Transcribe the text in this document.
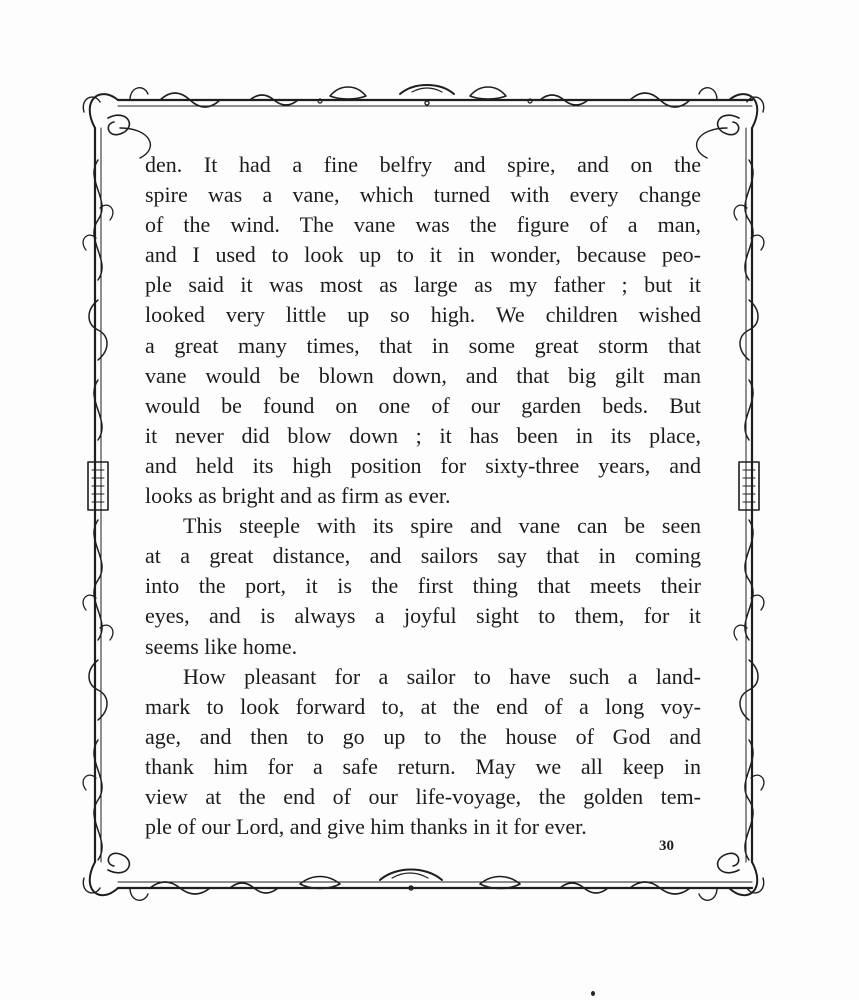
den. It had a fine belfry and spire, and on the
spire was a vane, which turned with every change
of the wind. The vane was the figure of a man,
and I used to look up to it in wonder, because peo-
ple said it was most as large as my father ; but it
looked very little up so high. We children wished
a great many times, that in some great storm that
vane would be blown down, and that big gilt man
would be found on one of our garden beds. But
it never did blow down ; it has been in its place,
and held its high position for sixty-three years, and
looks as bright and as firm as ever.
This steeple with its spire and vane can be seen
at a great distance, and sailors say that in coming
into the port, it is the first thing that meets their
eyes, and is always a joyful sight to them, for it
seems like home.
How pleasant for a sailor to have such a land-
mark to look forward to, at the end of a long voy-
age, and then to go up to the house of God and
thank him for a safe return. May we all keep in
view at the end of our life-voyage, the golden tem-
ple of our Lord, and give him thanks in it for ever.
30
